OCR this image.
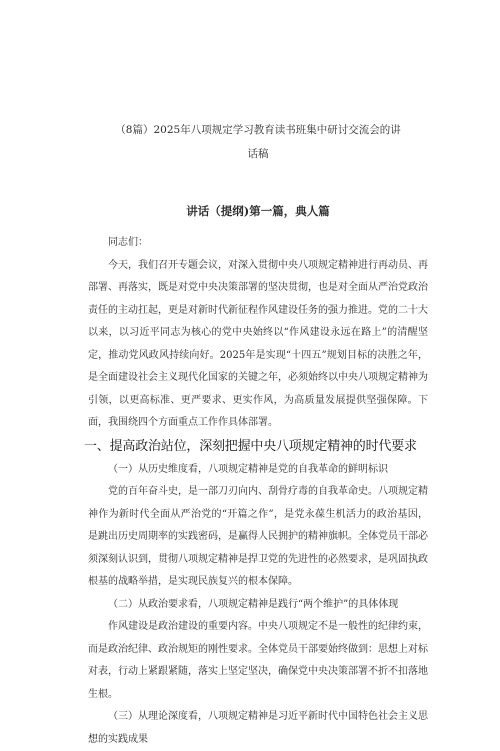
（8篇）2025年八项规定学习教育读书班集中研讨交流会的讲

话稿

讲话（提纲)第一篇，典人篇

同志们：

今天，我们召开专题会议，对深入贯彻中央八项规定精神进行再动员、再部署、再落实，既是对党中央决策部署的坚决贯彻，也是对全面从严治党政治责任的主动扛起，更是对新时代新征程作风建设任务的强力推进。党的二十大以来，以习近平同志为核心的党中央始终以“作风建设永远在路上”的清醒坚定，推动党风政风持续向好。2025年是实现“十四五”规划目标的决胜之年，是全面建设社会主义现代化国家的关键之年，必须始终以中央八项规定精神为引领，以更高标准、更严要求、更实作风，为高质量发展提供坚强保障。下面，我围绕四个方面重点工作作具体部署。

一、提高政治站位，深刻把握中央八项规定精神的时代要求

（一）从历史维度看，八项规定精神是党的自我革命的鲜明标识

党的百年奋斗史，是一部刀刃向内、刮骨疗毒的自我革命史。八项规定精神作为新时代全面从严治党的“开篇之作”，是党永葆生机活力的政治基因，是跳出历史周期率的实践密码，是赢得人民拥护的精神旗帜。全体党员干部必须深刻认识到，贯彻八项规定精神是捍卫党的先进性的必然要求，是巩固执政根基的战略举措，是实现民族复兴的根本保障。

（二）从政治要求看，八项规定精神是践行“两个维护”的具体体现

作风建设是政治建设的重要内容。中央八项规定不是一般性的纪律约束，而是政治纪律、政治规矩的刚性要求。全体党员干部要始终做到：思想上对标对表，行动上紧跟紧随，落实上坚定坚决，确保党中央决策部署不折不扣落地生根。

（三）从理论深度看，八项规定精神是习近平新时代中国特色社会主义思想的实践成果
